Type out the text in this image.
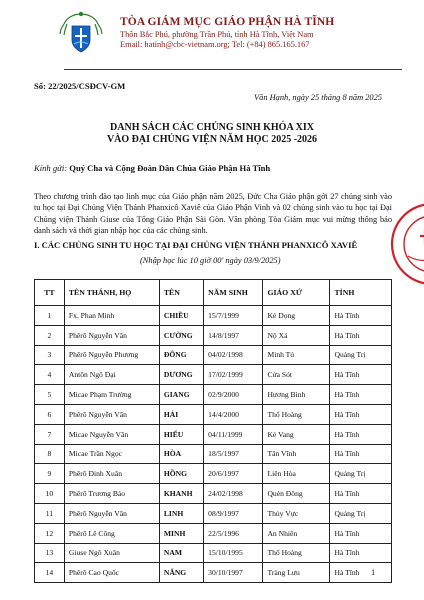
TÒA GIÁM MỤC GIÁO PHẬN HÀ TĨNH
Thôn Bắc Phú, phường Trần Phú, tỉnh Hà Tĩnh, Việt Nam
Email: hatinh@cbc-vietnam.org; Tel: (+84) 865.165.167
Số: 22/2025/CSĐCV-GM
Văn Hạnh, ngày 25 tháng 8 năm 2025
DANH SÁCH CÁC CHỦNG SINH KHÓA XIX
VÀO ĐẠI CHỦNG VIỆN NĂM HỌC 2025 -2026
Kính gửi: Quý Cha và Cộng Đoàn Dân Chúa Giáo Phận Hà Tĩnh
Theo chương trình đào tạo linh mục của Giáo phận năm 2025, Đức Cha Giáo phận gởi 27 chủng sinh vào tu học tại Đại Chủng Viện Thánh Phanxicô Xaviê của Giáo Phận Vinh và 02 chủng sinh vào tu học tại Đại Chủng viện Thánh Giuse của Tổng Giáo Phận Sài Gòn. Văn phòng Tòa Giám mục vui mừng thông báo danh sách và thời gian nhập học của các chủng sinh.
I. CÁC CHỦNG SINH TU HỌC TẠI ĐẠI CHỦNG VIỆN THÁNH PHANXICÔ XAVIÊ
(Nhập học lúc 10 giờ 00' ngày 03/9/2025)
TT	TÊN THÁNH, HỌ	TÊN	NĂM SINH	GIÁO XỨ	TỈNH
1	Fx. Phan Minh	CHIỀU	15/7/1999	Kẻ Dọng	Hà Tĩnh
2	Phêrô Nguyễn Văn	CƯỜNG	14/8/1997	Nộ Xá	Hà Tĩnh
3	Phêrô Nguyễn Phương	ĐÔNG	04/02/1998	Minh Tú	Quảng Trị
4	Antôn Ngô Đại	DƯƠNG	17/02/1999	Cửa Sót	Hà Tĩnh
5	Micae Phạm Trường	GIANG	02/9/2000	Hương Bình	Hà Tĩnh
6	Phêrô Nguyễn Văn	HẢI	14/4/2000	Thổ Hoàng	Hà Tĩnh
7	Micae Nguyễn Văn	HIẾU	04/11/1999	Kẻ Vang	Hà Tĩnh
8	Micae Trần Ngọc	HÒA	18/5/1997	Tân Vĩnh	Hà Tĩnh
9	Phêrô Đinh Xuân	HỒNG	20/6/1997	Liên Hòa	Quảng Trị
10	Phêrô Trương Bảo	KHANH	24/02/1998	Quèn Đông	Hà Tĩnh
11	Phêrô Nguyễn Văn	LINH	08/9/1997	Thủy Vực	Quảng Trị
12	Phêrô Lê Công	MINH	22/5/1996	An Nhiên	Hà Tĩnh
13	Giuse Ngô Xuân	NAM	15/10/1995	Thổ Hoàng	Hà Tĩnh
14	Phêrô Cao Quốc	NĂNG	30/10/1997	Tràng Lưu	Hà Tĩnh 1
